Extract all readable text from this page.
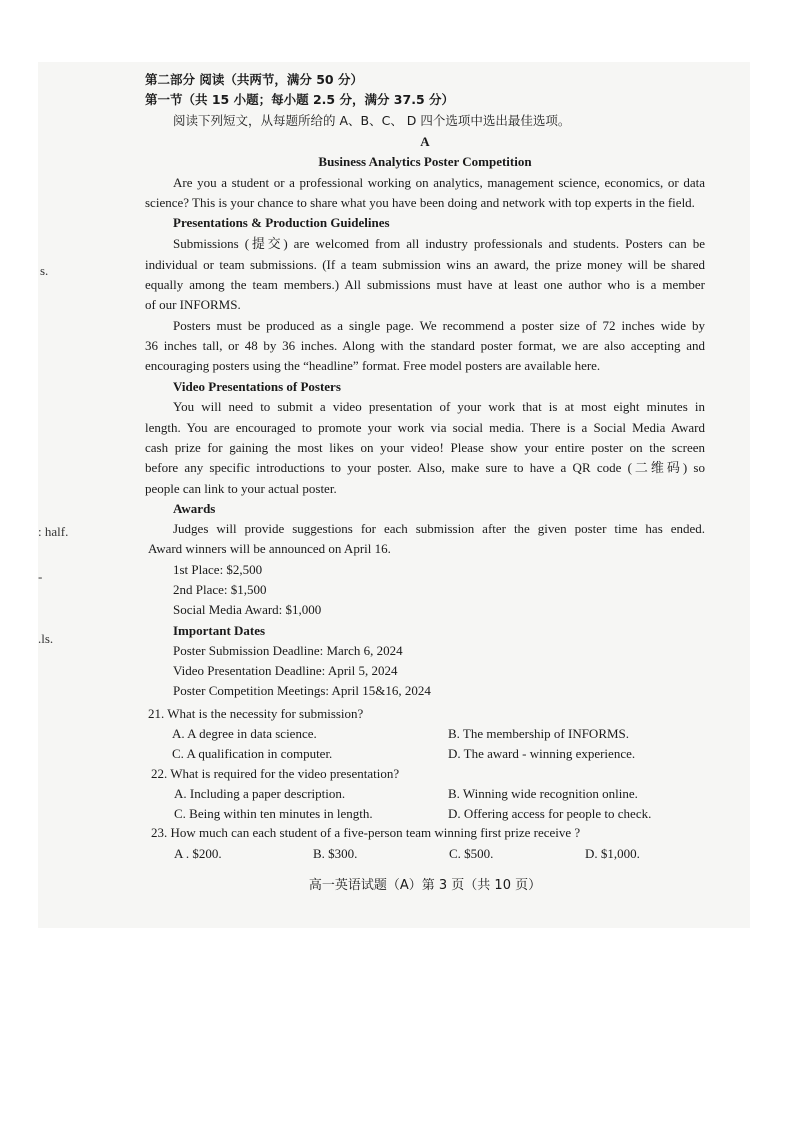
s.
: half.
-
.ls.
第二部分 阅读（共两节，满分 50 分）
第一节（共 15 小题；每小题 2.5 分，满分 37.5 分）
阅读下列短文，从每题所给的 A、B、C、 D 四个选项中选出最佳选项。
A
Business Analytics Poster Competition
Are you a student or a professional working on analytics, management science, economics, or data
science? This is your chance to share what you have been doing and network with top experts in the field.
Presentations & Production Guidelines
Submissions (提交) are welcomed from all industry professionals and students. Posters can be
individual or team submissions. (If a team submission wins an award, the prize money will be shared
equally among the team members.) All submissions must have at least one author who is a member
of our INFORMS.
Posters must be produced as a single page. We recommend a poster size of 72 inches wide by
36 inches tall, or 48 by 36 inches. Along with the standard poster format, we are also accepting and
encouraging posters using the “headline” format. Free model posters are available here.
Video Presentations of Posters
You will need to submit a video presentation of your work that is at most eight minutes in
length. You are encouraged to promote your work via social media. There is a Social Media Award
cash prize for gaining the most likes on your video! Please show your entire poster on the screen
before any specific introductions to your poster. Also, make sure to have a QR code (二维码) so
people can link to your actual poster.
Awards
Judges will provide suggestions for each submission after the given poster time has ended.
Award winners will be announced on April 16.
1st Place: $2,500
2nd Place: $1,500
Social Media Award: $1,000
Important Dates
Poster Submission Deadline: March 6, 2024
Video Presentation Deadline: April 5, 2024
Poster Competition Meetings: April 15&16, 2024
21. What is the necessity for submission?
A. A degree in data science.	B. The membership of INFORMS.
C. A qualification in computer.	D. The award - winning experience.
22. What is required for the video presentation?
A. Including a paper description.	B. Winning wide recognition online.
C. Being within ten minutes in length.	D. Offering access for people to check.
23. How much can each student of a five-person team winning first prize receive ?
A . $200.	B. $300.	C. $500.	D. $1,000.
高一英语试题（A）第 3 页（共 10 页）
